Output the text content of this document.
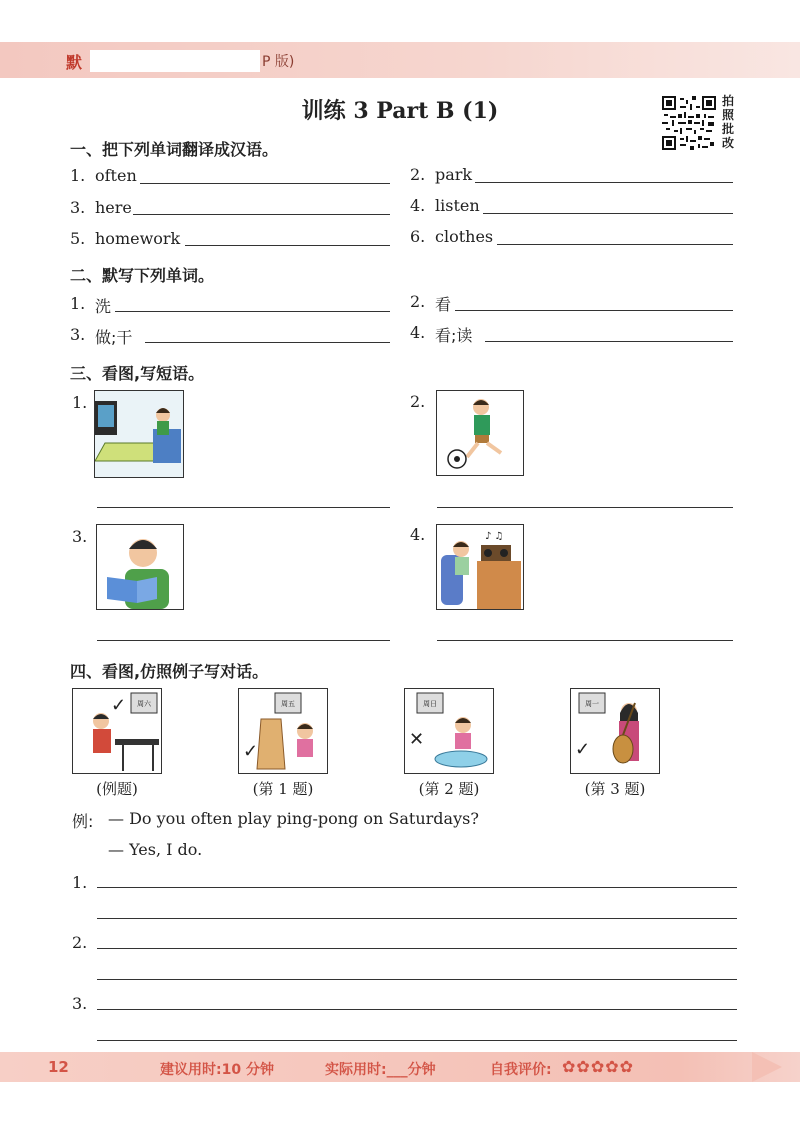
默	P 版)
训练 3 Part B (1)	拍照批改
一、把下列单词翻译成汉语。
1. often	2. park
3. here	4. listen
5. homework	6. clothes
二、默写下列单词。
1. 洗	2. 看
3. 做;干	4. 看;读
三、看图,写短语。
1.	2.
3.	4.	♪ ♫
四、看图,仿照例子写对话。
周六
✓
(例题)
周五
✓
(第 1 题)
周日
✕
(第 2 题)
周一
✓
(第 3 题)
例: — Do you often play ping-pong on Saturdays?
— Yes, I do.
1.
2.
3.
12	建议用时:10 分钟	实际用时:___分钟	自我评价: ✿✿✿✿✿
